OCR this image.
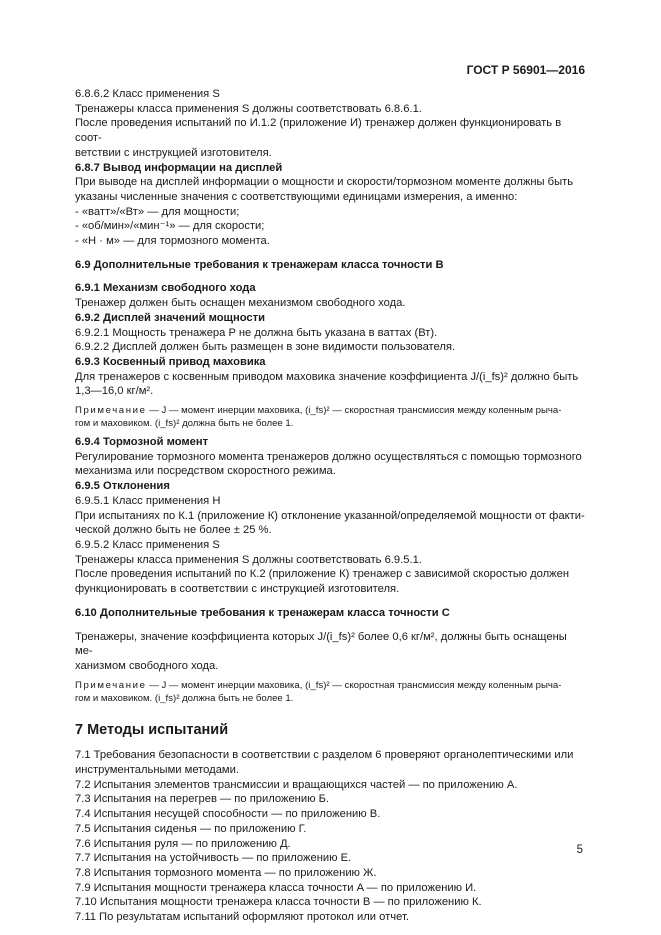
ГОСТ Р 56901—2016

6.8.6.2 Класс применения S

Тренажеры класса применения S должны соответствовать 6.8.6.1.

После проведения испытаний по И.1.2 (приложение И) тренажер должен функционировать в соот-

ветствии с инструкцией изготовителя.

6.8.7 Вывод информации на дисплей

При выводе на дисплей информации о мощности и скорости/тормозном моменте должны быть

указаны численные значения с соответствующими единицами измерения, а именно:

- «ватт»/«Вт» — для мощности;

- «об/мин»/«мин⁻¹» — для скорости;

- «Н · м» — для тормозного момента.

6.9 Дополнительные требования к тренажерам класса точности B

6.9.1 Механизм свободного хода

Тренажер должен быть оснащен механизмом свободного хода.

6.9.2 Дисплей значений мощности

6.9.2.1 Мощность тренажера P не должна быть указана в ваттах (Вт).

6.9.2.2 Дисплей должен быть размещен в зоне видимости пользователя.

6.9.3 Косвенный привод маховика

Для тренажеров с косвенным приводом маховика значение коэффициента J/(i_fs)² должно быть

1,3—16,0 кг/м².

Примечание — J — момент инерции маховика, (i_fs)² — скоростная трансмиссия между коленным рыча-

гом и маховиком. (i_fs)² должна быть не более 1.

6.9.4 Тормозной момент

Регулирование тормозного момента тренажеров должно осуществляться с помощью тормозного

механизма или посредством скоростного режима.

6.9.5 Отклонения

6.9.5.1 Класс применения H

При испытаниях по К.1 (приложение К) отклонение указанной/определяемой мощности от факти-

ческой должно быть не более ± 25 %.

6.9.5.2 Класс применения S

Тренажеры класса применения S должны соответствовать 6.9.5.1.

После проведения испытаний по К.2 (приложение К) тренажер с зависимой скоростью должен

функционировать в соответствии с инструкцией изготовителя.

6.10 Дополнительные требования к тренажерам класса точности C

Тренажеры, значение коэффициента которых J/(i_fs)² более 0,6 кг/м², должны быть оснащены ме-

ханизмом свободного хода.

Примечание — J — момент инерции маховика, (i_fs)² — скоростная трансмиссия между коленным рыча-

гом и маховиком. (i_fs)² должна быть не более 1.

7 Методы испытаний

7.1 Требования безопасности в соответствии с разделом 6 проверяют органолептическими или

инструментальными методами.

7.2 Испытания элементов трансмиссии и вращающихся частей — по приложению А.

7.3 Испытания на перегрев — по приложению Б.

7.4 Испытания несущей способности — по приложению В.

7.5 Испытания сиденья — по приложению Г.

7.6 Испытания руля — по приложению Д.

7.7 Испытания на устойчивость — по приложению Е.

7.8 Испытания тормозного момента — по приложению Ж.

7.9 Испытания мощности тренажера класса точности A — по приложению И.

7.10 Испытания мощности тренажера класса точности B — по приложению К.

7.11 По результатам испытаний оформляют протокол или отчет.

5
